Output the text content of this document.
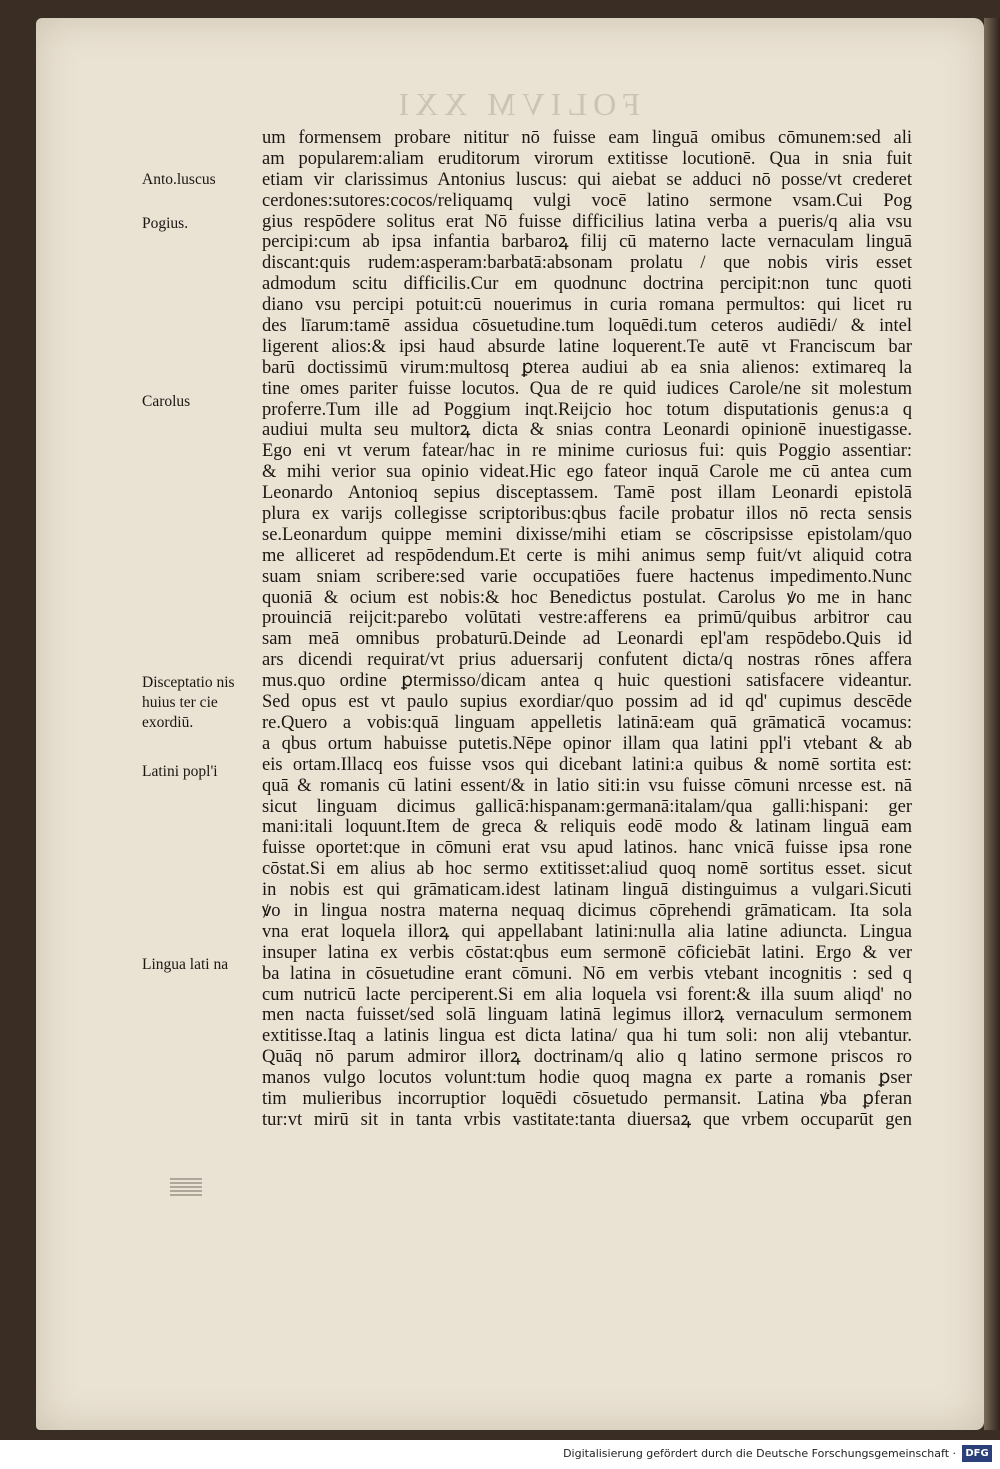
FOLIVM XXI
um formensem probare nititur nō fuisse eam linguā omibus cōmunem:sed ali
am popularem:aliam eruditorum virorum extitisse locutionē. Qua in snia fuit
etiam vir clarissimus Antonius luscus: qui aiebat se adduci nō posse/vt crederet
cerdones:sutores:cocos/reliquamq vulgi vocē latino sermone vsam.Cui Pog
gius respōdere solitus erat Nō fuisse difficilius latina verba a pueris/q alia vsu
percipi:cum ab ipsa infantia barbaroꝝ filij cū materno lacte vernaculam linguā
discant:quis rudem:asperam:barbatā:absonam prolatu / que nobis viris esset
admodum scitu difficilis.Cur em quodnunc doctrina percipit:non tunc quoti
diano vsu percipi potuit:cū nouerimus in curia romana permultos: qui licet ru
des līarum:tamē assidua cōsuetudine.tum loquēdi.tum ceteros audiēdi/ & intel
ligerent alios:& ipsi haud absurde latine loquerent.Te autē vt Franciscum bar
barū doctissimū virum:multosq ꝑterea audiui ab ea snia alienos: extimareq la
tine omes pariter fuisse locutos. Qua de re quid iudices Carole/ne sit molestum
proferre.Tum ille ad Poggium inqt.Reijcio hoc totum disputationis genus:a q
audiui multa seu multorꝝ dicta & snias contra Leonardi opinionē inuestigasse.
Ego eni vt verum fatear/hac in re minime curiosus fui: quis Poggio assentiar:
& mihi verior sua opinio videat.Hic ego fateor inquā Carole me cū antea cum
Leonardo Antonioq sepius disceptassem. Tamē post illam Leonardi epistolā
plura ex varijs collegisse scriptoribus:qbus facile probatur illos nō recta sensis
se.Leonardum quippe memini dixisse/mihi etiam se cōscripsisse epistolam/quo
me alliceret ad respōdendum.Et certe is mihi animus semp fuit/vt aliquid cotra
suam sniam scribere:sed varie occupatiōes fuere hactenus impedimento.Nunc
quoniā & ocium est nobis:& hoc Benedictus postulat. Carolus ꝟo me in hanc
prouinciā reijcit:parebo volūtati vestre:afferens ea primū/quibus arbitror cau
sam meā omnibus probaturū.Deinde ad Leonardi epl'am respōdebo.Quis id
ars dicendi requirat/vt prius aduersarij confutent dicta/q nostras rōnes affera
mus.quo ordine ꝑtermisso/dicam antea q huic questioni satisfacere videantur.
Sed opus est vt paulo supius exordiar/quo possim ad id qd' cupimus descēde
re.Quero a vobis:quā linguam appelletis latinā:eam quā grāmaticā vocamus:
a qbus ortum habuisse putetis.Nēpe opinor illam qua latini ppl'i vtebant & ab
eis ortam.Illacq eos fuisse vsos qui dicebant latini:a quibus & nomē sortita est:
quā & romanis cū latini essent/& in latio siti:in vsu fuisse cōmuni nrcesse est. nā
sicut linguam dicimus gallicā:hispanam:germanā:italam/qua galli:hispani: ger
mani:itali loquunt.Item de greca & reliquis eodē modo & latinam linguā eam
fuisse oportet:que in cōmuni erat vsu apud latinos. hanc vnicā fuisse ipsa rone
cōstat.Si em alius ab hoc sermo extitisset:aliud quoq nomē sortitus esset. sicut
in nobis est qui grāmaticam.idest latinam linguā distinguimus a vulgari.Sicuti
ꝟo in lingua nostra materna nequaq dicimus cōprehendi grāmaticam. Ita sola
vna erat loquela illorꝝ qui appellabant latini:nulla alia latine adiuncta. Lingua
insuper latina ex verbis cōstat:qbus eum sermonē cōficiebāt latini. Ergo & ver
ba latina in cōsuetudine erant cōmuni. Nō em verbis vtebant incognitis : sed q
cum nutricū lacte perciperent.Si em alia loquela vsi forent:& illa suum aliqd' no
men nacta fuisset/sed solā linguam latinā legimus illorꝝ vernaculum sermonem
extitisse.Itaq a latinis lingua est dicta latina/ qua hi tum soli: non alij vtebantur.
Quāq nō parum admiror illorꝝ doctrinam/q alio q latino sermone priscos ro
manos vulgo locutos volunt:tum hodie quoq magna ex parte a romanis ꝑser
tim mulieribus incorruptior loquēdi cōsuetudo permansit. Latina ꝟba ꝑferan
tur:vt mirū sit in tanta vrbis vastitate:tanta diuersaꝝ que vrbem occuparūt gen
Anto.luscus
Pogius.
Carolus
Disceptatio nis huius ter cie exordiū.
Latini popl'i
Lingua lati na
Digitalisierung gefördert durch die Deutsche Forschungsgemeinschaft · DFG
